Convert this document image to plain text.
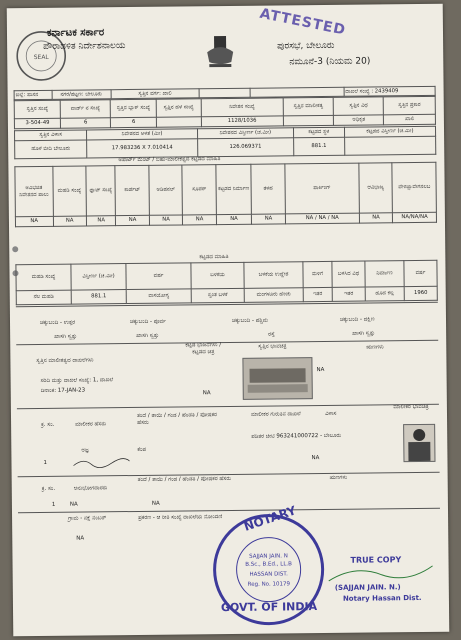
SEAL
ಕರ್ನಾಟಕ ಸರ್ಕಾರ
ಪೌರಾಡಳಿತ ನಿರ್ದೇಶನಾಲಯ	ಪುರಸಭೆ, ಬೇಲೂರು
ನಮೂನೆ-3 (ನಿಯಮ 20)
ATTESTED
ಜಿಲ್ಲೆ: ಹಾಸನ	ನಗರ/ಪಟ್ಟಣ: ಬೇಲೂರು	ಸ್ವತ್ತಿನ ವರ್ಗ: ಖಾಲಿ			ದಾಖಲೆ ಸಂಖ್ಯೆ : 2439409
ಸ್ವತ್ತಿನ ಸಂಖ್ಯೆ	ವಾರ್ಡ್ ನ ಸಂಖ್ಯೆ	ಸ್ವತ್ತಿನ ಬ್ಲಾಕ್ ಸಂಖ್ಯೆ	ಸ್ವತ್ತಿನ ಹಳೆ ಸಂಖ್ಯೆ	ನಿವೇಶನ ಸಂಖ್ಯೆ	ಸ್ವತ್ತಿನ ಮಾಲೀಕತ್ವ	ಸ್ವತ್ತಿನ ವಿಧ	ಸ್ವತ್ತಿನ ಪ್ರಕಾರ
3-504-49	6	6		1128/1036		ಅಧಿಕೃತ	ಖಾಲಿ
ಸ್ವತ್ತಿನ ವಿಳಾಸ	ನಿವೇಶನದ ಅಳತೆ (ಮೀ)	ನಿವೇಶನದ ವಿಸ್ತೀರ್ಣ (ಚ.ಮೀ)	ಕಟ್ಟಡದ ಸ್ಥಳ	ಕಟ್ಟಡದ ವಿಸ್ತೀರ್ಣ (ಚ.ಮೀ)
ಹೊಳೆ ಬೀದಿ ಬೇಲೂರು	17.983236 X 7.010414	126.069371	881.1	
ಅಪಾರ್ಟ್ ಮೆಂಟ್ / ಬಹು-ಮಾಲೀಕತ್ವದ ಕಟ್ಟಡದ ಮಾಹಿತಿ
ಅವಿಭಜಿತ ನಿವೇಶನದ ಪಾಲು	ಮಹಡಿ ಸಂಖ್ಯೆ	ಫ್ಲಾಟ್ ಸಂಖ್ಯೆ	ಕಾರ್ಪೆಟ್	ಅಡಿಷನಲ್	ಸೂಪರ್	ಕಟ್ಟಡದ ನಿರ್ಮಾಣ	ತಳಹ	ಪಾರ್ಕಿಂಗ್	ಆವಿಭಾಜ್ಯ	ವೇಳಿಜ್ಞಾವೇಗನಲಬ
NA	NA	NA	NA	NA	NA	NA	NA	NA / NA / NA	NA	NA/NA/NA
ಕಟ್ಟಡದ ಮಾಹಿತಿ
ಮಹಡಿ ಸಂಖ್ಯೆ	ವಿಸ್ತೀರ್ಣ (ಚ.ಮೀ)	ವರ್ಷ	ಬಳಕೆಯ	ಬಳಕೆಯ ಉದ್ದೇಶ	ಮಳಿಗೆ	ಬಳಸಿದ ವಿಧ	ನಿರ್ಮಾಣ	ವರ್ಷ
ನೆಲ ಮಹಡಿ	881.1	ವಾಸಯೋಗ್ಯ	ಸ್ವಂತ ಬಳಕೆ	ಮಂಗಳೂರು ಹೆಂಚು	ಇತರ	ಇತರ	ಹೂದ ಕಲ್ಲ	1960
ಚಕ್ಕುಬಂದಿ - ಉತ್ತರ	ಚಕ್ಕುಬಂದಿ - ಪೂರ್ವ	ಚಕ್ಕುಬಂದಿ - ಪಶ್ಚಿಮ	ಚಕ್ಕುಬಂದಿ - ದಕ್ಷಿಣ
ಖಾಸಗಿ ಸ್ವತ್ತು	ಖಾಸಗಿ ಸ್ವತ್ತು	ರಸ್ತೆ	ಖಾಸಗಿ ಸ್ವತ್ತು
ಸ್ವತ್ತಿನ ಮಾಲೀಕತ್ವದ ದಾಖಲೆಗಳು
ಕಟ್ಟಡ ಭಾಜನೆಗಳು / ಕಟ್ಟಡದ ಚಿತ್ರ
ಸ್ವತ್ತಿನ ಭಾವಚಿತ್ರ	ಋಣಗಳು
ಸರಿದಿ ಮತ್ತು ದಾಖಲೆ ಸಂಖ್ಯೆ: 1, ದಾಖಲೆ
ದಿನಾಂಕ: 17-JAN-23	NA
NA
ಕ್ರ. ಸಂ.	ಮಾಲೀಕರ ಹೆಸರು
ತಂದೆ / ತಾಯಿ / ಗಂಡ / ಹೆಂಡತಿ / ಪೋಷಕರ ಹೆಸರು
ಮಾಲೀಕರ ಗುರುತಿನ ದಾಖಲೆ	ವಿಳಾಸ
ಮಾಲೀಕರ ಭಾವಚಿತ್ರ
ಪಡಿತರ ಚೀಟಿ 963241000722 - ಬೇಲೂರು
ಅಜ್ಞ	ಕೆಂಪ
1
NA
ಕ್ರ. ಸಂ.	ಅನುಭೋಗದಾರರು
ತಂದೆ / ತಾಯಿ / ಗಂಡ / ಹೆಂಡತಿ / ಪೋಷಕರ ಹೆಸರು	ಋಣಗಳು
1	NA	NA
ಗ್ರಾಮ - ನಕ್ಷೆ ನಂಬರ್	ಪ್ರಕರಣ - ಆ ರೀತಿ ಸಂಖ್ಯೆ ದಾಖಲೆಯ ನೋಂದಣಿ
NA
NOTARY
GOVT. OF INDIA
SAJJAN JAIN. N
B.Sc., B.Ed., LL.B
HASSAN DIST.
Reg. No. 10179
TRUE COPY
(SAJJAN JAIN. N.)
Notary Hassan Dist.
